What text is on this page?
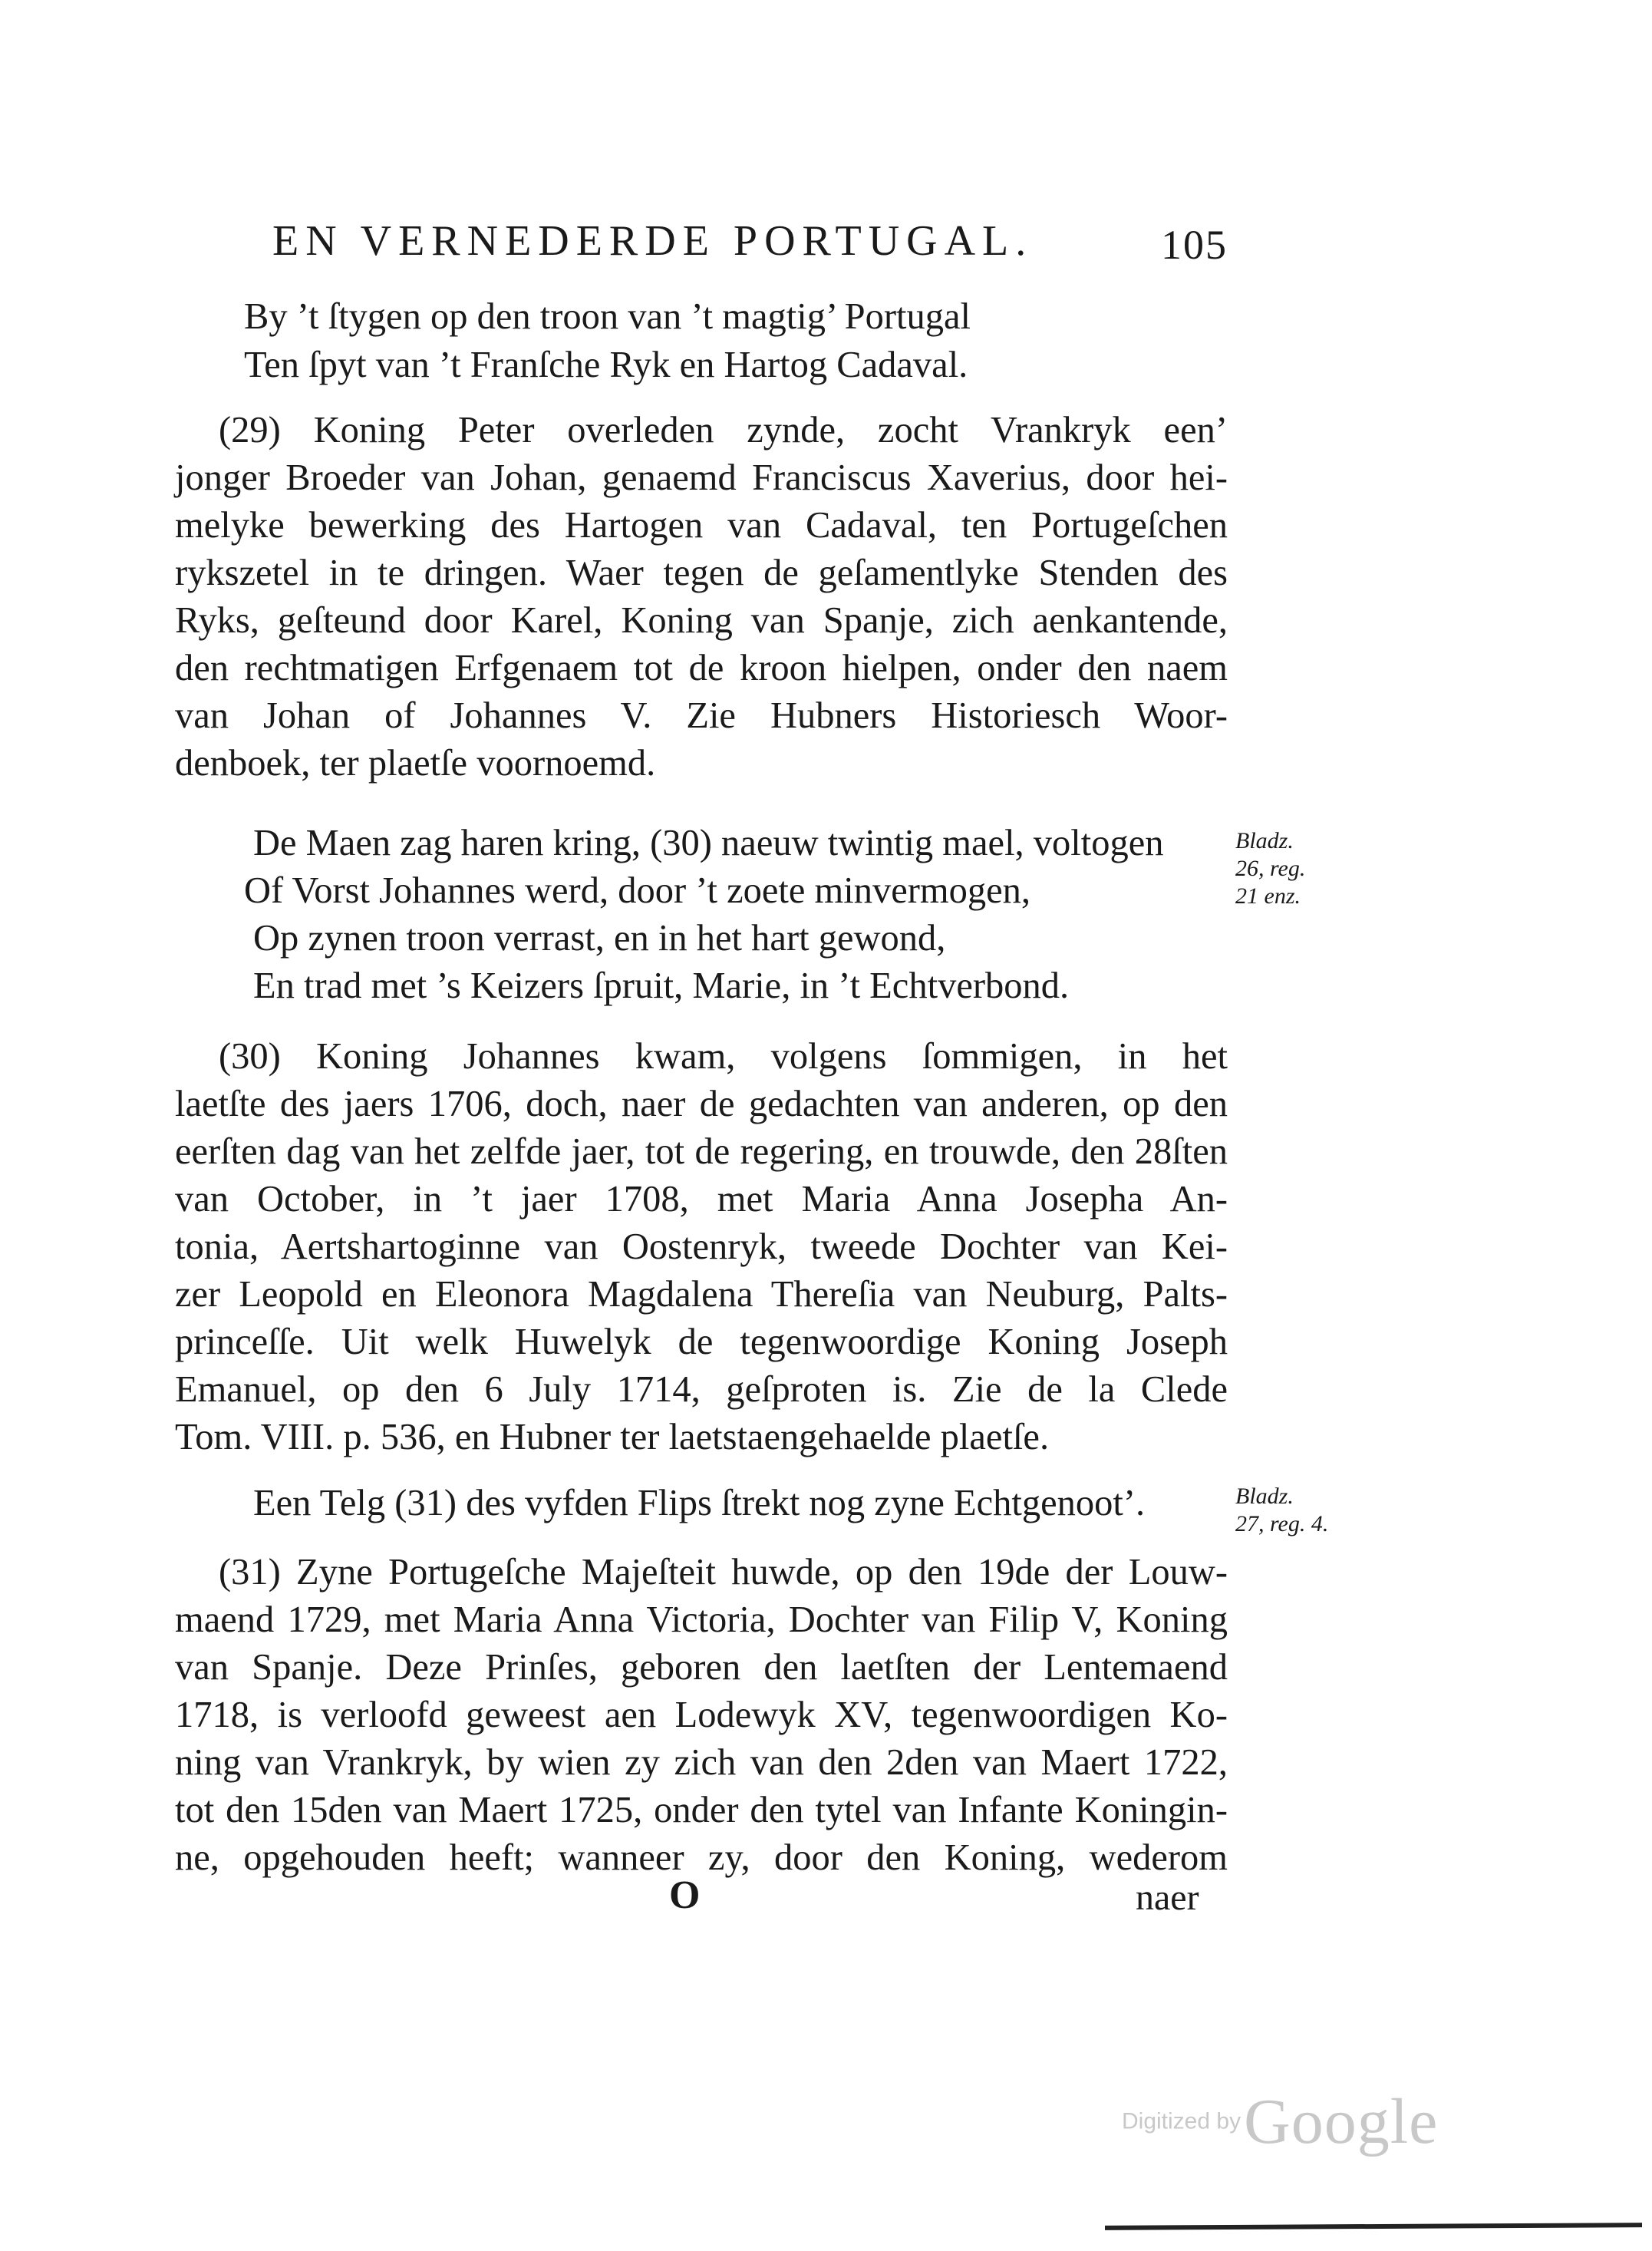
EN VERNEDERDE PORTUGAL.	105
By ’t ſtygen op den troon van ’t magtig’ Portugal
Ten ſpyt van ’t Franſche Ryk en Hartog Cadaval.
(29) Koning Peter overleden zynde, zocht Vrankryk een’
jonger Broeder van Johan, genaemd Franciscus Xaverius, door hei-
melyke bewerking des Hartogen van Cadaval, ten Portugeſchen
rykszetel in te dringen. Waer tegen de geſamentlyke Stenden des
Ryks, geſteund door Karel, Koning van Spanje, zich aenkantende,
den rechtmatigen Erfgenaem tot de kroon hielpen, onder den naem
van Johan of Johannes V. Zie Hubners Historiesch Woor-
denboek, ter plaetſe voornoemd.
De Maen zag haren kring, (30) naeuw twintig mael, voltogen
Of Vorst Johannes werd, door ’t zoete minvermogen,
Op zynen troon verrast, en in het hart gewond,
En trad met ’s Keizers ſpruit, Marie, in ’t Echtverbond.
Bladz.
26, reg.
21 enz.
(30) Koning Johannes kwam, volgens ſommigen, in het
laetſte des jaers 1706, doch, naer de gedachten van anderen, op den
eerſten dag van het zelfde jaer, tot de regering, en trouwde, den 28ſten
van October, in ’t jaer 1708, met Maria Anna Josepha An-
tonia, Aertshartoginne van Oostenryk, tweede Dochter van Kei-
zer Leopold en Eleonora Magdalena Thereſia van Neuburg, Palts-
princeſſe. Uit welk Huwelyk de tegenwoordige Koning Joseph
Emanuel, op den 6 July 1714, geſproten is. Zie de la Clede
Tom. VIII. p. 536, en Hubner ter laetstaengehaelde plaetſe.
Een Telg (31) des vyfden Flips ſtrekt nog zyne Echtgenoot’.	Bladz.
27, reg. 4.
(31) Zyne Portugeſche Majeſteit huwde, op den 19de der Louw-
maend 1729, met Maria Anna Victoria, Dochter van Filip V, Koning
van Spanje. Deze Prinſes, geboren den laetſten der Lentemaend
1718, is verloofd geweest aen Lodewyk XV, tegenwoordigen Ko-
ning van Vrankryk, by wien zy zich van den 2den van Maert 1722,
tot den 15den van Maert 1725, onder den tytel van Infante Koningin-
ne, opgehouden heeft; wanneer zy, door den Koning, wederom
O	naer
Digitized by Google
